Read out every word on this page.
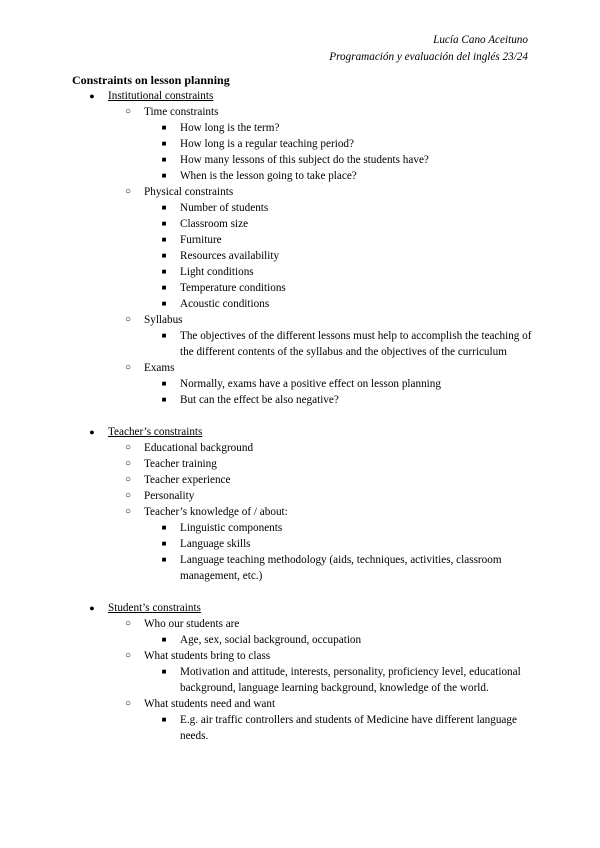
Lucía Cano Aceituno
Programación y evaluación del inglés 23/24
Constraints on lesson planning
● Institutional constraints
○ Time constraints
■	How long is the term?
■	How long is a regular teaching period?
■	How many lessons of this subject do the students have?
■	When is the lesson going to take place?
○ Physical constraints
■	Number of students
■	Classroom size
■	Furniture
■	Resources availability
■	Light conditions
■	Temperature conditions
■	Acoustic conditions
○ Syllabus
■	The objectives of the different lessons must help to accomplish the teaching of the different contents of the syllabus and the objectives of the curriculum
○ Exams
■	Normally, exams have a positive effect on lesson planning
■	But can the effect be also negative?
● Teacher’s constraints
○ Educational background
○ Teacher training
○ Teacher experience
○ Personality
○ Teacher’s knowledge of / about:
■	Linguistic components
■	Language skills
■	Language teaching methodology (aids, techniques, activities, classroom management, etc.)
● Student’s constraints
○ Who our students are
■	Age, sex, social background, occupation
○ What students bring to class
■	Motivation and attitude, interests, personality, proficiency level, educational background, language learning background, knowledge of the world.
○ What students need and want
■	E.g. air traffic controllers and students of Medicine have different language needs.
